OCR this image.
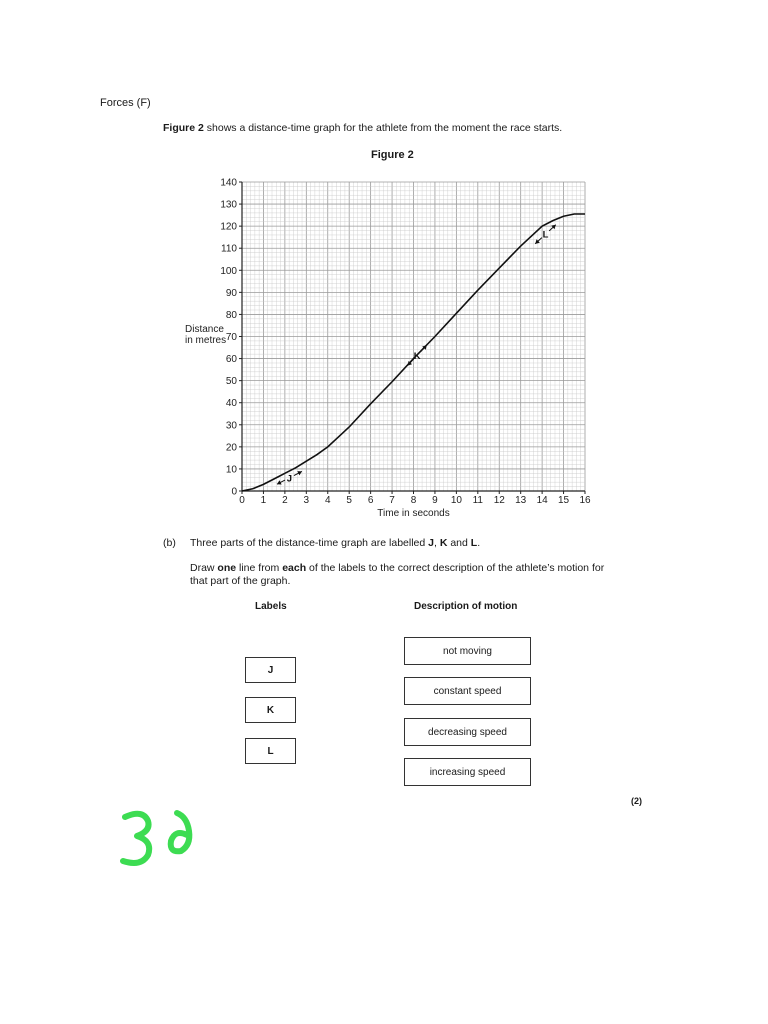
Forces (F)
Figure 2 shows a distance-time graph for the athlete from the moment the race starts.
Figure 2
0 1 2 3 4 5 6 7 8 9 10 11 12 13 14 15 16
0
10
20
30
40
50
60
70
80
90
100
110
120
130
140
Time in seconds
Distance
in metres
J
K
L
(b) Three parts of the distance-time graph are labelled J, K and L.
Draw one line from each of the labels to the correct description of the athlete’s motion for that part of the graph.
Labels	Description of motion
J
K
L
not moving
constant speed
decreasing speed
increasing speed
(2)
